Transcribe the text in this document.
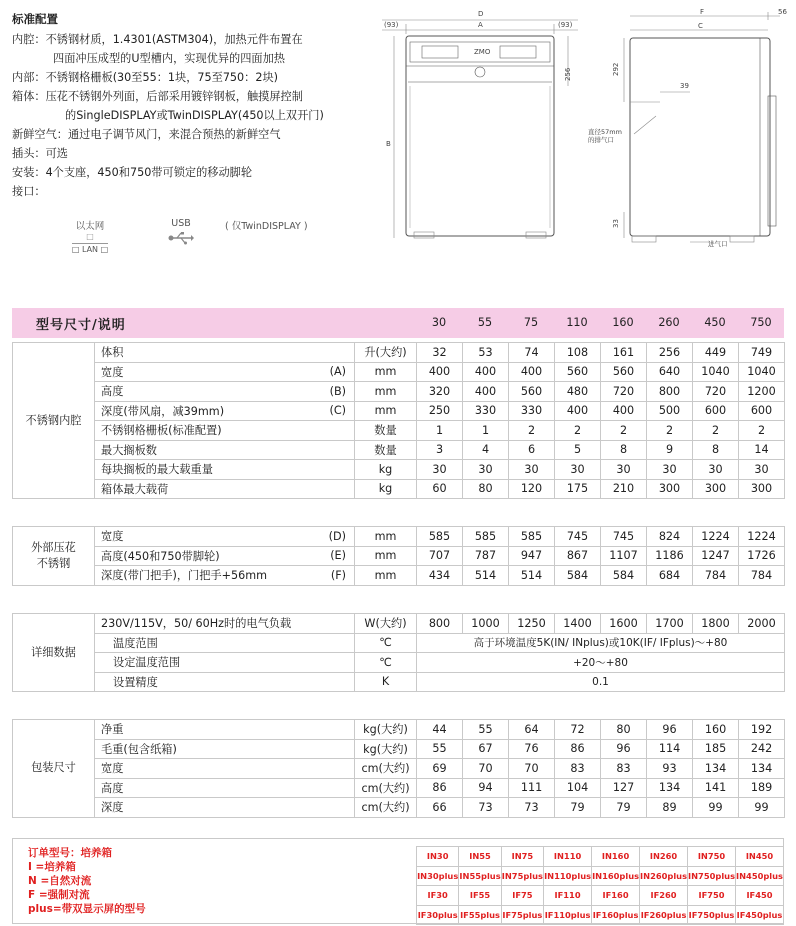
标准配置
内腔：不锈钢材质，1.4301(ASTM304)，加热元件布置在
四面冲压成型的U型槽内，实现优异的四面加热
内部：不锈钢格栅板(30至55：1块，75至750：2块)
箱体：压花不锈钢外列面，后部采用镀锌钢板，触摸屏控制
的SingleDISPLAY或TwinDISPLAY(450以上双开门)
新鲜空气：通过电子调节风门，来混合预热的新鲜空气
插头：可选
安装：4个支座，450和750带可锁定的移动脚轮
接口：
以太网
□
□ LAN □
USB	( 仅TwinDISPLAY )
D
A
(93)	(93)
B
256
ZMO
F	56
C
292
39
33
直径57mm 的排气口
进气口
型号尺寸/说明	30	55	75	110	160	260	450	750
不锈钢内腔	体积		升(大约)	32	53	74	108	161	256	449	749
	宽度	(A)	mm	400	400	400	560	560	640	1040	1040
	高度	(B)	mm	320	400	560	480	720	800	720	1200
	深度(带风扇，减39mm)	(C)	mm	250	330	330	400	400	500	600	600
	不锈钢格栅板(标准配置)		数量	1	1	2	2	2	2	2	2
	最大搁板数		数量	3	4	6	5	8	9	8	14
	每块搁板的最大载重量		kg	30	30	30	30	30	30	30	30
	箱体最大载荷		kg	60	80	120	175	210	300	300	300
外部压花
不锈钢	宽度	(D)	mm	585	585	585	745	745	824	1224	1224
	高度(450和750带脚轮)	(E)	mm	707	787	947	867	1107	1186	1247	1726
	深度(带门把手)，门把手+56mm	(F)	mm	434	514	514	584	584	684	784	784
详细数据	230V/115V，50/ 60Hz时的电气负载	W(大约)	800	1000	1250	1400	1600	1700	1800	2000
	温度范围	℃	高于环境温度5K(IN/ INplus)或10K(IF/ IFplus)～+80							
	设定温度范围	℃	+20～+80							
	设置精度	K	0.1							
包装尺寸	净重	kg(大约)	44	55	64	72	80	96	160	192
	毛重(包含纸箱)	kg(大约)	55	67	76	86	96	114	185	242
	宽度	cm(大约)	69	70	70	83	83	93	134	134
	高度	cm(大约)	86	94	111	104	127	134	141	189
	深度	cm(大约)	66	73	73	79	79	89	99	99
订单型号：培养箱
I =培养箱
N =自然对流
F =强制对流
plus=带双显示屏的型号
IN30	IN55	IN75	IN110	IN160	IN260	IN750	IN450
IN30plus	IN55plus	IN75plus	IN110plus	IN160plus	IN260plus	IN750plus	IN450plus
IF30	IF55	IF75	IF110	IF160	IF260	IF750	IF450
IF30plus	IF55plus	IF75plus	IF110plus	IF160plus	IF260plus	IF750plus	IF450plus
